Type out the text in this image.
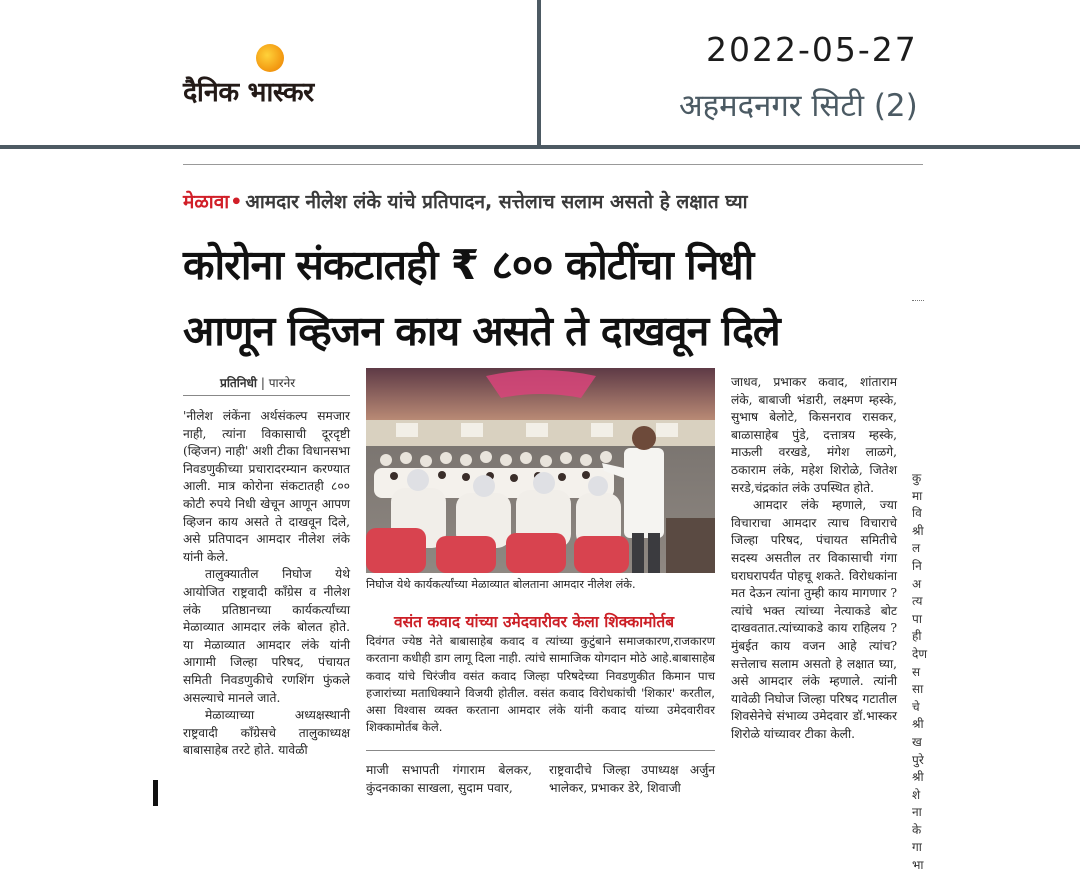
दैनिक भास्कर
2022-05-27
अहमदनगर सिटी (2)
मेळावा• आमदार नीलेश लंके यांचे प्रतिपादन, सत्तेलाच सलाम असतो हे लक्षात घ्या
कोरोना संकटातही ₹ ८०० कोटींचा निधी
आणून व्हिजन काय असते ते दाखवून दिले
प्रतिनिधी | पारनेर

'नीलेश लंकेंना अर्थसंकल्प समजार नाही, त्यांना विकासाची दूरदृष्टी (व्हिजन) नाही' अशी टीका विधानसभा निवडणुकीच्या प्रचारादरम्यान करण्यात आली. मात्र कोरोना संकटातही ८०० कोटी रुपये निधी खेचून आणून आपण व्हिजन काय असते ते दाखवून दिले, असे प्रतिपादन आमदार नीलेश लंके यांनी केले.

तालुक्यातील निघोज येथे आयोजित राष्ट्रवादी काँग्रेस व नीलेश लंके प्रतिष्ठानच्या कार्यकर्त्यांच्या मेळाव्यात आमदार लंके बोलत होते. या मेळाव्यात आमदार लंके यांनी आगामी जिल्हा परिषद, पंचायत समिती निवडणुकीचे रणशिंग फुंकले असल्याचे मानले जाते.

मेळाव्याच्या अध्यक्षस्थानी राष्ट्रवादी काँग्रेसचे तालुकाध्यक्ष बाबासाहेब तरटे होते. यावेळी

निघोज येथे कार्यकर्त्यांच्या मेळाव्यात बोलताना आमदार नीलेश लंके.
वसंत कवाद यांच्या उमेदवारीवर केला शिक्कामोर्तब
दिवंगत ज्येष्ठ नेते बाबासाहेब कवाद व त्यांच्या कुटुंबाने समाजकारण,राजकारण करताना कधीही डाग लागू दिला नाही. त्यांचे सामाजिक योगदान मोठे आहे.बाबासाहेब कवाद यांचे चिरंजीव वसंत कवाद जिल्हा परिषदेच्या निवडणुकीत किमान पाच हजारांच्या मताधिक्याने विजयी होतील. वसंत कवाद विरोधकांची 'शिकार' करतील, असा विश्वास व्यक्त करताना आमदार लंके यांनी कवाद यांच्या उमेदवारीवर शिक्कामोर्तब केले.

माजी सभापती गंगाराम बेलकर, कुंदनकाका साखला, सुदाम पवार,

राष्ट्रवादीचे जिल्हा उपाध्यक्ष अर्जुन भालेकर, प्रभाकर डेरे, शिवाजी

जाधव, प्रभाकर कवाद, शांताराम लंके, बाबाजी भंडारी, लक्ष्मण म्हस्के, सुभाष बेलोटे, किसनराव रासकर, बाळासाहेब पुंडे, दत्तात्रय म्हस्के, माऊली वरखडे, मंगेश लाळगे, ठकाराम लंके, महेश शिरोळे, जितेश सरडे,चंद्रकांत लंके उपस्थित होते.

आमदार लंके म्हणाले, ज्या विचाराचा आमदार त्याच विचाराचे जिल्हा परिषद, पंचायत समितीचे सदस्य असतील तर विकासाची गंगा घराघरापर्यंत पोहचू शकते. विरोधकांना मत देऊन त्यांना तुम्ही काय मागणार ? त्यांचे भक्त त्यांच्या नेत्याकडे बोट दाखवतात.त्यांच्याकडे काय राहिलय ? मुंबईत काय वजन आहे त्यांच? सत्तेलाच सलाम असतो हे लक्षात घ्या, असे आमदार लंके म्हणाले. त्यांनी यावेळी निघोज जिल्हा परिषद गटातील शिवसेनेचे संभाव्य उमेदवार डॉ.भास्कर शिरोळे यांच्यावर टीका केली.

कु
मा
वि
श्री
ल
नि
अ
त्य
पा
ही
देण
स
सा
चे
श्री
ख
पुरे
श्री
शे
ना
के
गा
भा
